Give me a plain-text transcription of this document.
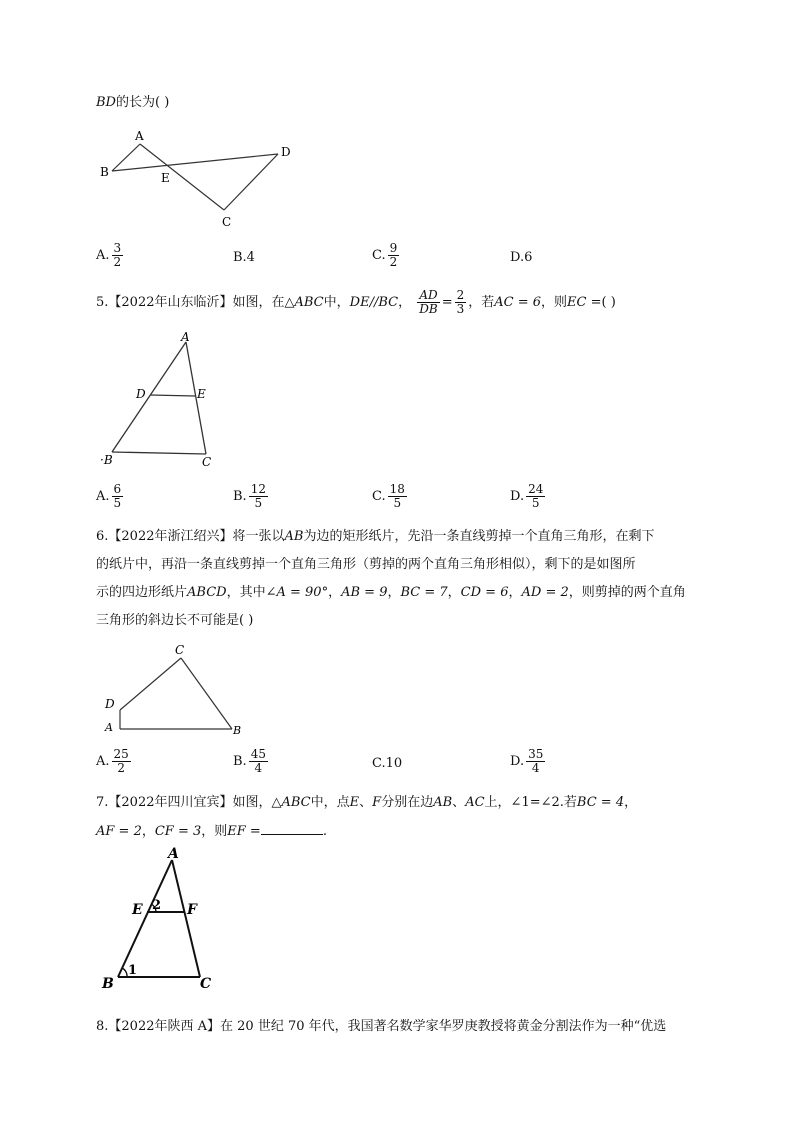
BD的长为( )
A
B	E
D
C
A. $\frac{3}{2}$	B.4	C. $\frac{9}{2}$	D.6
5.【2022年山东临沂】如图，在△ABC中，DE//BC， $\frac{AD}{DB} = \frac{2}{3}$ ，若AC = 6，则EC =( )
A
D	E
·B	C
A. $\frac{6}{5}$	B. $\frac{12}{5}$	C. $\frac{18}{5}$	D. $\frac{24}{5}$
6.【2022年浙江绍兴】将一张以AB为边的矩形纸片，先沿一条直线剪掉一个直角三角形，在剩下
的纸片中，再沿一条直线剪掉一个直角三角形（剪掉的两个直角三角形相似），剩下的是如图所
示的四边形纸片ABCD，其中∠A = 90°，AB = 9，BC = 7，CD = 6，AD = 2，则剪掉的两个直角
三角形的斜边长不可能是( )
C
D
A	B
A. $\frac{25}{2}$	B. $\frac{45}{4}$	C.10	D. $\frac{35}{4}$
7.【2022年四川宜宾】如图，△ABC中，点E、F分别在边AB、AC上，∠1=∠2.若BC = 4，
AF = 2，CF = 3，则EF =	.
A
E	F
B	C
1
2
8.【2022年陕西 A】在 20 世纪 70 年代，我国著名数学家华罗庚教授将黄金分割法作为一种“优选
